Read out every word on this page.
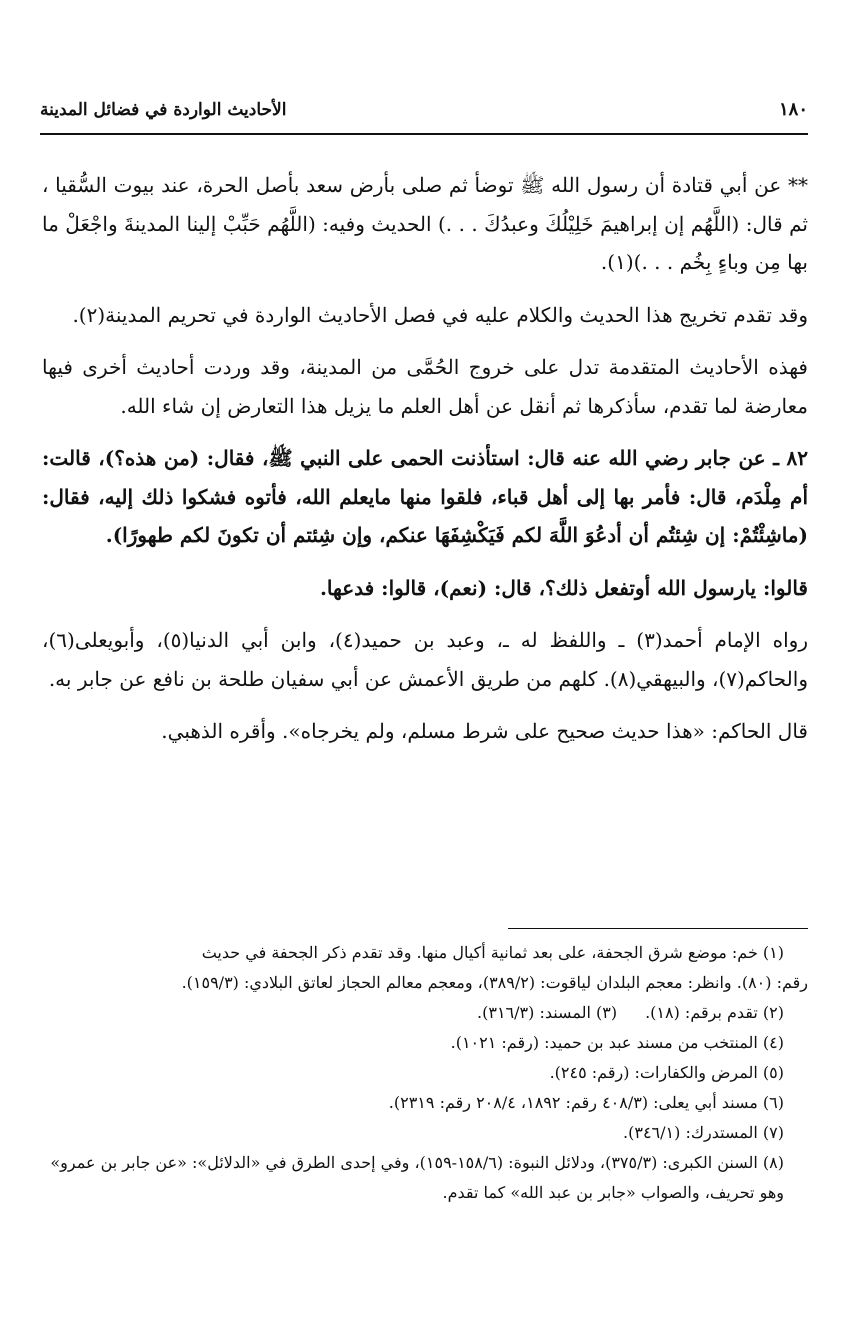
١٨٠
الأحاديث الواردة في فضائل المدينة

** عن أبي قتادة أن رسول الله ﷺ توضأ ثم صلى بأرض سعد بأصل الحرة، عند بيوت السُّقيا ، ثم قال: (اللَّهُم إن إبراهيمَ خَلِيْلُكَ وعبدُكَ . . .) الحديث وفيه: (اللَّهُم حَبِّبْ إلينا المدينةَ واجْعَلْ ما بها مِن وباءٍ بِخُم . . .)(١).

وقد تقدم تخريج هذا الحديث والكلام عليه في فصل الأحاديث الواردة في تحريم المدينة(٢).

فهذه الأحاديث المتقدمة تدل على خروج الحُمَّى من المدينة، وقد وردت أحاديث أخرى فيها معارضة لما تقدم، سأذكرها ثم أنقل عن أهل العلم ما يزيل هذا التعارض إن شاء الله.

٨٢ ـ عن جابر رضي الله عنه قال: استأذنت الحمى على النبي ﷺ، فقال: (من هذه؟)، قالت: أم مِلْدَم، قال: فأمر بها إلى أهل قباء، فلقوا منها مايعلم الله، فأتوه فشكوا ذلك إليه، فقال: (ماشِئْتُمْ: إن شِئتُم أن أدعُوَ اللَّهَ لكم فَيَكْشِفَهَا عنكم، وإن شِئتم أن تكونَ لكم طهورًا).

قالوا: يارسول الله أوتفعل ذلك؟، قال: (نعم)، قالوا: فدعها.

رواه الإمام أحمد(٣) ـ واللفظ له ـ، وعبد بن حميد(٤)، وابن أبي الدنيا(٥)، وأبويعلى(٦)، والحاكم(٧)، والبيهقي(٨). كلهم من طريق الأعمش عن أبي سفيان طلحة بن نافع عن جابر به.

قال الحاكم: «هذا حديث صحيح على شرط مسلم، ولم يخرجاه». وأقره الذهبي.

(١) خم: موضع شرق الجحفة، على بعد ثمانية أكيال منها. وقد تقدم ذكر الجحفة في حديث

رقم: (٨٠). وانظر: معجم البلدان لياقوت: (٣٨٩/٢)، ومعجم معالم الحجاز لعاتق البلادي: (١٥٩/٣).

(٢) تقدم برقم: (١٨).
(٣) المسند: (٣١٦/٣).

(٤) المنتخب من مسند عبد بن حميد: (رقم: ١٠٢١).

(٥) المرض والكفارات: (رقم: ٢٤٥).

(٦) مسند أبي يعلى: (٤٠٨/٣ رقم: ١٨٩٢، ٢٠٨/٤ رقم: ٢٣١٩).

(٧) المستدرك: (٣٤٦/١).

(٨) السنن الكبرى: (٣٧٥/٣)، ودلائل النبوة: (١٥٨/٦-١٥٩)، وفي إحدى الطرق في «الدلائل»: «عن جابر بن عمرو» وهو تحريف، والصواب «جابر بن عبد الله» كما تقدم.
